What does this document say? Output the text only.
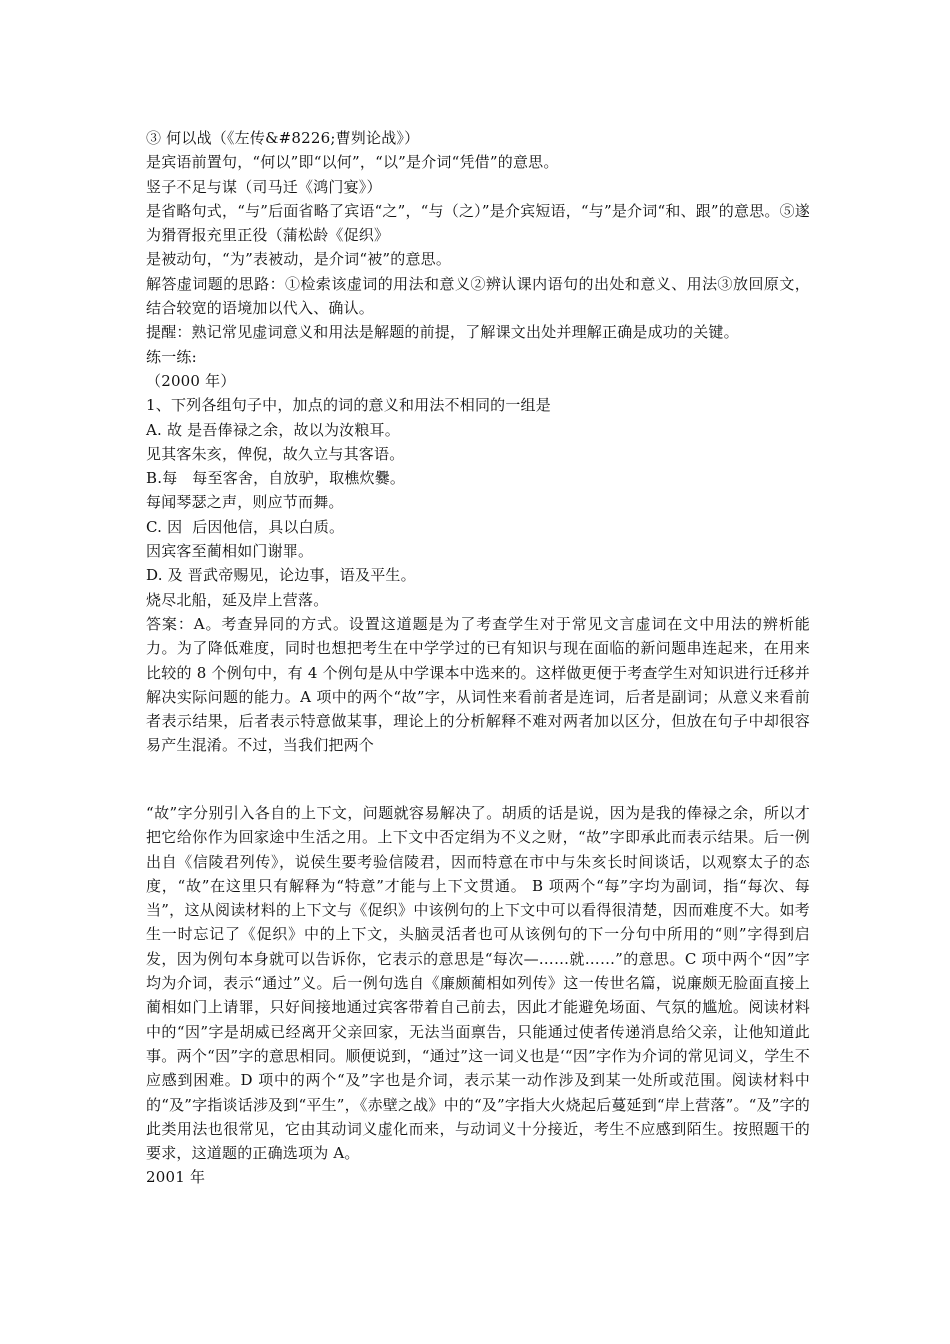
③ 何以战（《左传&#8226;曹刿论战》）

是宾语前置句，“何以”即“以何”，“以”是介词“凭借”的意思。

竖子不足与谋（司马迁《鸿门宴》）

是省略句式，“与”后面省略了宾语“之”，“与（之）”是介宾短语，“与”是介词“和、跟”的意思。⑤遂为猾胥报充里正役（蒲松龄《促织》

是被动句，“为”表被动，是介词“被”的意思。

解答虚词题的思路：①检索该虚词的用法和意义②辨认课内语句的出处和意义、用法③放回原文，结合较宽的语境加以代入、确认。

提醒：熟记常见虚词意义和用法是解题的前提，了解课文出处并理解正确是成功的关键。

练一练:

（2000 年）

1、下列各组句子中，加点的词的意义和用法不相同的一组是

A. 故 是吾俸禄之余，故以为汝粮耳。

见其客朱亥，俾倪，故久立与其客语。

B.每   每至客舍，自放驴，取樵炊爨。

每闻琴瑟之声，则应节而舞。

C. 因  后因他信，具以白质。

因宾客至蔺相如门谢罪。

D. 及 晋武帝赐见，论边事，语及平生。

烧尽北船，延及岸上营落。

答案：A。考查异同的方式。设置这道题是为了考查学生对于常见文言虚词在文中用法的辨析能力。为了降低难度，同时也想把考生在中学学过的已有知识与现在面临的新问题串连起来，在用来比较的 8 个例句中，有 4 个例句是从中学课本中选来的。这样做更便于考查学生对知识进行迁移并解决实际问题的能力。A 项中的两个“故”字，从词性来看前者是连词，后者是副词；从意义来看前者表示结果，后者表示特意做某事，理论上的分析解释不难对两者加以区分，但放在句子中却很容易产生混淆。不过，当我们把两个

“故”字分别引入各自的上下文，问题就容易解决了。胡质的话是说，因为是我的俸禄之余，所以才把它给你作为回家途中生活之用。上下文中否定绢为不义之财，“故”字即承此而表示结果。后一例出自《信陵君列传》，说侯生要考验信陵君，因而特意在市中与朱亥长时间谈话，以观察太子的态度，“故”在这里只有解释为“特意”才能与上下文贯通。 B 项两个“每”字均为副词，指“每次、每当”，这从阅读材料的上下文与《促织》中该例句的上下文中可以看得很清楚，因而难度不大。如考生一时忘记了《促织》中的上下文，头脑灵活者也可从该例句的下一分句中所用的“则”字得到启发，因为例句本身就可以告诉你，它表示的意思是“每次—……就……”的意思。C 项中两个“因”字均为介词，表示“通过”义。后一例句选自《廉颇蔺相如列传》这一传世名篇，说廉颇无脸面直接上蔺相如门上请罪，只好间接地通过宾客带着自己前去，因此才能避免场面、气氛的尴尬。阅读材料中的“因”字是胡威已经离开父亲回家，无法当面禀告，只能通过使者传递消息给父亲，让他知道此事。两个“因”字的意思相同。顺便说到，“通过”这一词义也是‘“因”字作为介词的常见词义，学生不应感到困难。D 项中的两个“及”字也是介词，表示某一动作涉及到某一处所或范围。阅读材料中的“及”字指谈话涉及到“平生”，《赤壁之战》中的“及”字指大火烧起后蔓延到“岸上营落”。“及”字的此类用法也很常见，它由其动词义虚化而来，与动词义十分接近，考生不应感到陌生。按照题干的要求，这道题的正确选项为 A。

2001 年
